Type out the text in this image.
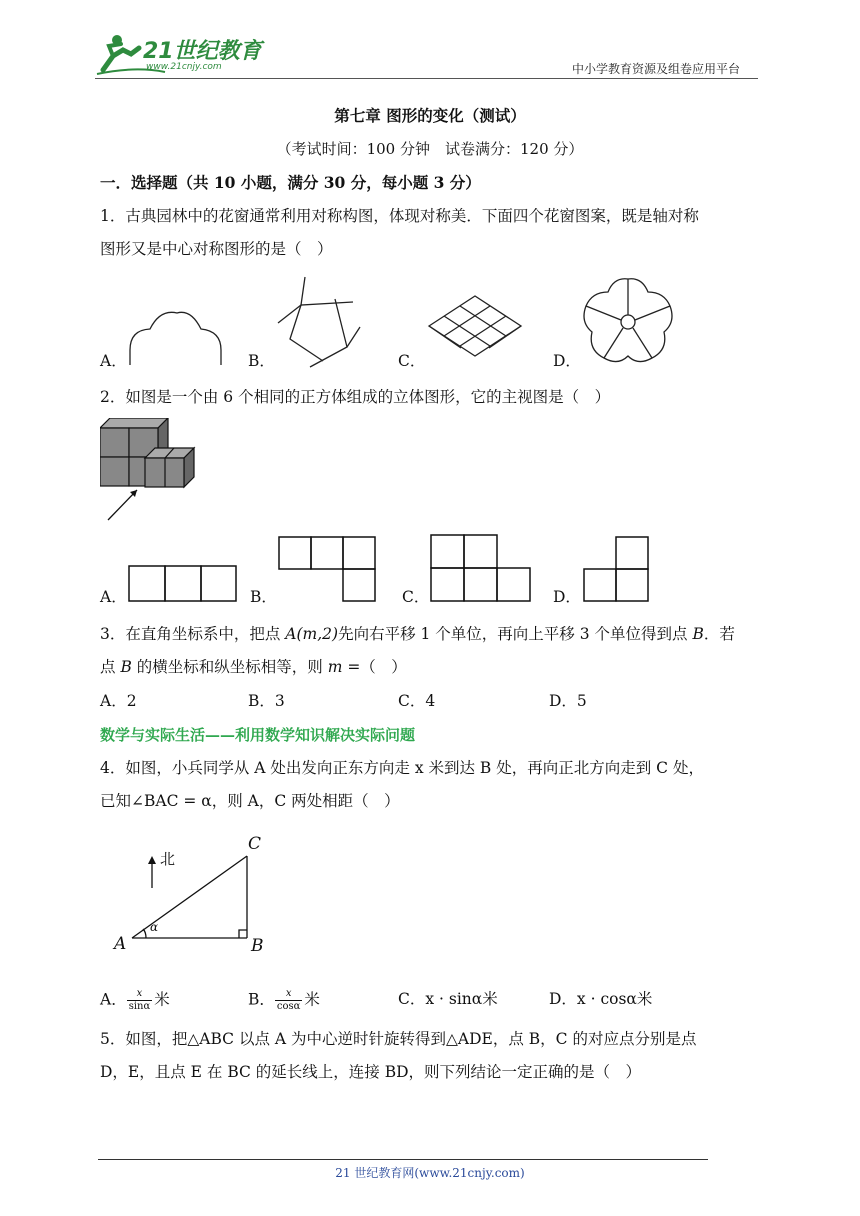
21世纪教育
www.21cnjy.com	中小学教育资源及组卷应用平台
第七章 图形的变化（测试）
（考试时间：100 分钟　试卷满分：120 分）
一．选择题（共 10 小题，满分 30 分，每小题 3 分）
1．古典园林中的花窗通常利用对称构图，体现对称美．下面四个花窗图案，既是轴对称
图形又是中心对称图形的是（　）
A．	B．	C．	D．
2．如图是一个由 6 个相同的正方体组成的立体图形，它的主视图是（　）
A．	B．	C．	D．
3．在直角坐标系中，把点 A(m,2)先向右平移 1 个单位，再向上平移 3 个单位得到点 B．若
点 B 的横坐标和纵坐标相等，则 m =（　）
A．2	B．3	C．4	D．5
数学与实际生活——利用数学知识解决实际问题
4．如图，小兵同学从 A 处出发向正东方向走 x 米到达 B 处，再向正北方向走到 C 处，
已知∠BAC = α，则 A，C 两处相距（　）
北
A	B
C
α
A． $\frac{x}{\sin\alpha}$ 米	B． $\frac{x}{\cos\alpha}$ 米	C．x · sinα米	D．x · cosα米
5．如图，把△ABC 以点 A 为中心逆时针旋转得到△ADE，点 B，C 的对应点分别是点
D，E，且点 E 在 BC 的延长线上，连接 BD，则下列结论一定正确的是（　）
21 世纪教育网(www.21cnjy.com)
